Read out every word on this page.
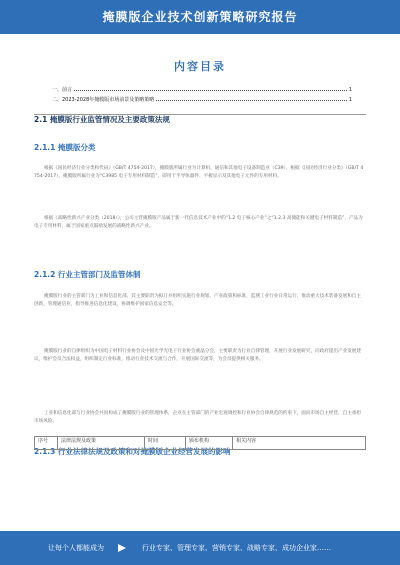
掩膜版企业技术创新策略研究报告
内容目录
一、前言	1
二、2023-2028年掩膜版市场前景及策略策略	1
2.1 掩膜版行业监管情况及主要政策法规
2.1.1 掩膜版分类
根据《国民经济行业分类和代码》（GB/T 4754-2017），掩膜版所属行业为计算机、通信和其他电子设备制造业（C39），根据《国民经济行业分类》（GB/T 4754-2017），掩膜版所属行业为“C3985 电子专用材料制造”，即用于半导体器件、平板显示及其他电子元件的专用材料。
根据《战略性新兴产业分类（2018）》，公司主营掩膜版产品属于新一代信息技术产业中的“1.2 电子核心产业”之“1.2.3 高储能和关键电子材料制造”，产品为电子专用材料，属于国家重点鼓励发展的战略性新兴产业。
2.1.2 行业主管部门及监管体制
掩膜版行业的主管部门为工业和信息化部，其主要职责为拟订并组织实施行业规划、产业政策和标准，监测工业行业日常运行，推动重大技术装备发展和自主创新，管理通信业，指导推进信息化建设，协调维护国家信息安全等。
掩膜版行业的自律组织为中国电子材料行业协会及中国光学光电子行业协会液晶分会，主要职责为行业自律管理，开展行业发展研究，向政府提出产业发展建议，维护会员合法权益，组织制定行业标准，推动行业技术交流与合作，开展国际交流等，为会员提供相关服务。
工业和信息化部与行业协会共同构成了掩膜版行业的管理体系，企业在主管部门的产业宏观调控和行业协会自律规范的约束下，面向市场自主经营，自主承担市场风险。
2.1.3 行业法律法规及政策和对掩膜版企业经营发展的影响
序号	法律法规及政策	时间	颁布机构	相关内容
让每个人都能成为	行业专家、管理专家、营销专家、战略专家、成功企业家……
